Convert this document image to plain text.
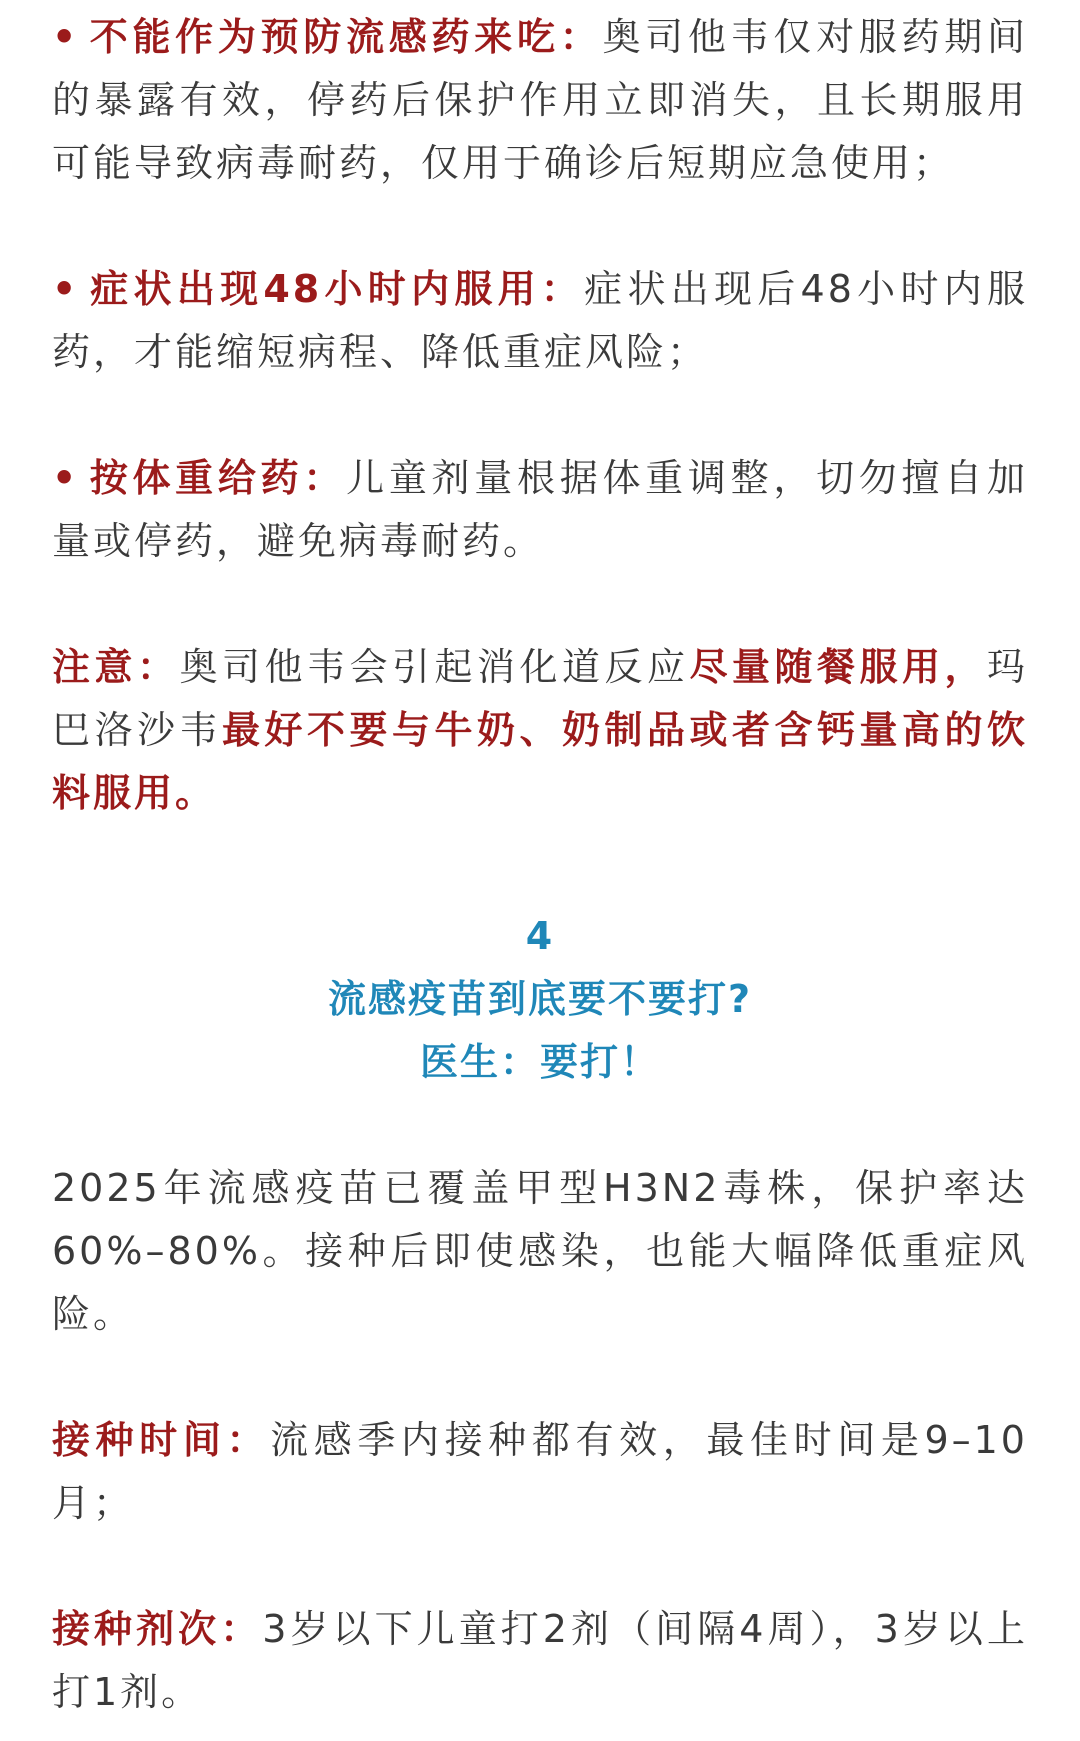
• 不能作为预防流感药来吃：奥司他韦仅对服药期间的暴露有效，停药后保护作用立即消失，且长期服用可能导致病毒耐药，仅用于确诊后短期应急使用；

• 症状出现48小时内服用：症状出现后48小时内服药，才能缩短病程、降低重症风险；

• 按体重给药：儿童剂量根据体重调整，切勿擅自加量或停药，避免病毒耐药。

注意：奥司他韦会引起消化道反应尽量随餐服用，玛巴洛沙韦最好不要与牛奶、奶制品或者含钙量高的饮料服用。

4
流感疫苗到底要不要打?
医生：要打！

2025年流感疫苗已覆盖甲型H3N2毒株，保护率达60%–80%。接种后即使感染，也能大幅降低重症风险。

接种时间：流感季内接种都有效，最佳时间是9–10月；

接种剂次：3岁以下儿童打2剂（间隔4周），3岁以上打1剂。
